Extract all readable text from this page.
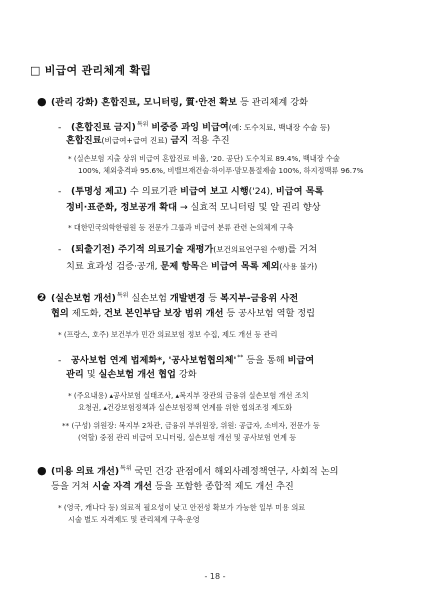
□ 비급여 관리체계 확립
● (관리 강화) 혼합진료, 모니터링, 質·안전 확보 등 관리체계 강화
- (혼합진료 금지)$^{특위}$ 비중증 과잉 비급여(예: 도수치료, 백내장 수술 등)
혼합진료(비급여+급여 진료) 금지 적용 추진
* (실손보험 지출 상위 비급여 혼합진료 비율, '20. 공단) 도수치료 89.4%, 백내장 수술
100%, 체외충격파 95.6%, 비밸브재건술·하이푸·맘모톰절제술 100%, 하지정맥류 96.7%
- (투명성 제고) 수 의료기관 비급여 보고 시행('24), 비급여 목록
정비·표준화, 정보공개 확대 → 실효적 모니터링 및 알 권리 향상
* 대한민국의학한림원 등 전문가 그룹과 비급여 분류 관련 논의체계 구축
- (퇴출기전) 주기적 의료기술 재평가(보건의료연구원 수행)를 거쳐
치료 효과성 검증·공개, 문제 항목은 비급여 목록 제외(사용 불가)
❷ (실손보험 개선)$^{특위}$ 실손보험 개발변경 등 복지부-금융위 사전
협의 제도화, 건보 본인부담 보장 범위 개선 등 공사보험 역할 정립
* (프랑스, 호주) 보건부가 민간 의료보험 정보 수집, 제도 개선 등 관리
- 공사보험 연계 법제화*, '공사보험협의체'** 등을 통해 비급여
관리 및 실손보험 개선 협업 강화
* (주요내용) ▴공사보험 실태조사, ▴복지부 장관의 금융위 실손보험 개선 조치
요청권, ▴건강보험정책과 실손보험정책 연계를 위한 협의조정 제도화
** (구성) 위원장: 복지부 2차관, 금융위 부위원장, 위원: 공급자, 소비자, 전문가 등
(역할) 중점 관리 비급여 모니터링, 실손보험 개선 및 공사보험 연계 등
● (미용 의료 개선)$^{특위}$ 국민 건강 관점에서 해외사례정책연구, 사회적 논의
등을 거쳐 시술 자격 개선 등을 포함한 종합적 제도 개선 추진
* (영국, 캐나다 등) 의료적 필요성이 낮고 안전성 확보가 가능한 일부 미용 의료
시술 별도 자격제도 및 관리체계 구축·운영
- 18 -
